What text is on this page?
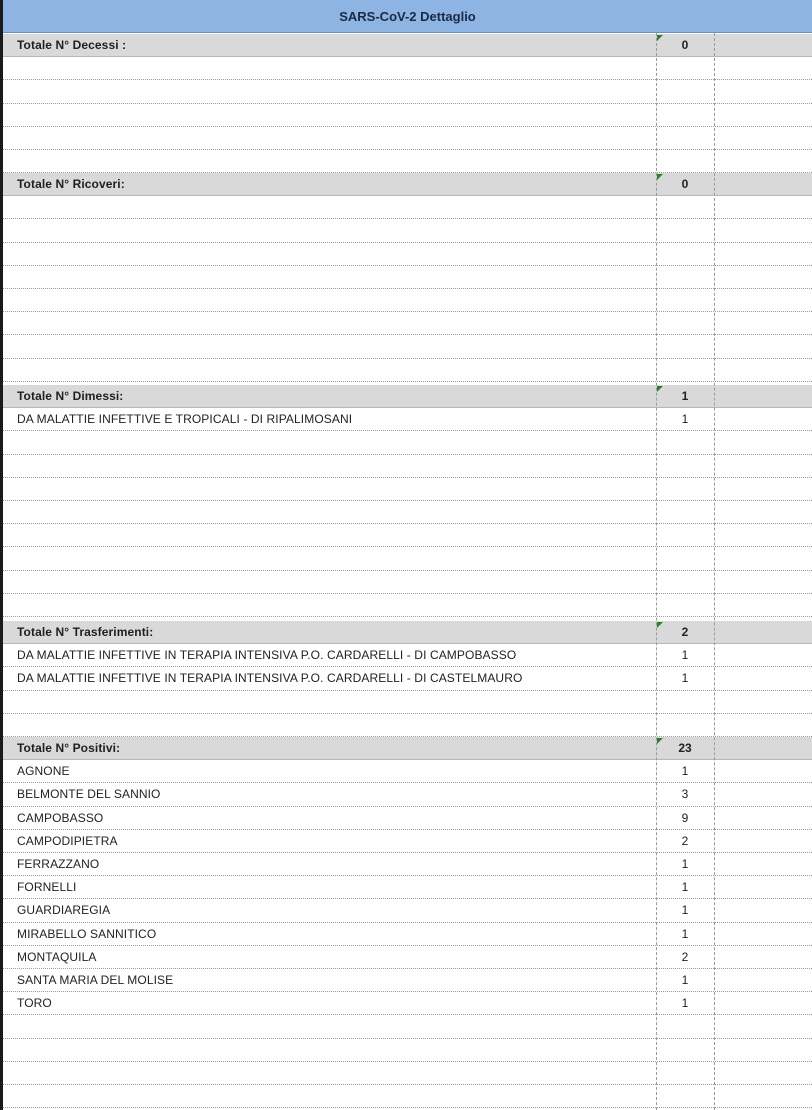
SARS-CoV-2 Dettaglio
Totale N° Decessi :	0
Totale N° Ricoveri:	0
Totale N° Dimessi:	1
DA MALATTIE INFETTIVE E TROPICALI - DI RIPALIMOSANI	1
Totale N° Trasferimenti:	2
DA MALATTIE INFETTIVE IN TERAPIA INTENSIVA P.O. CARDARELLI - DI CAMPOBASSO	1
DA MALATTIE INFETTIVE IN TERAPIA INTENSIVA P.O. CARDARELLI - DI CASTELMAURO	1
Totale N° Positivi:	23
AGNONE	1
BELMONTE DEL SANNIO	3
CAMPOBASSO	9
CAMPODIPIETRA	2
FERRAZZANO	1
FORNELLI	1
GUARDIAREGIA	1
MIRABELLO SANNITICO	1
MONTAQUILA	2
SANTA MARIA DEL MOLISE	1
TORO	1
